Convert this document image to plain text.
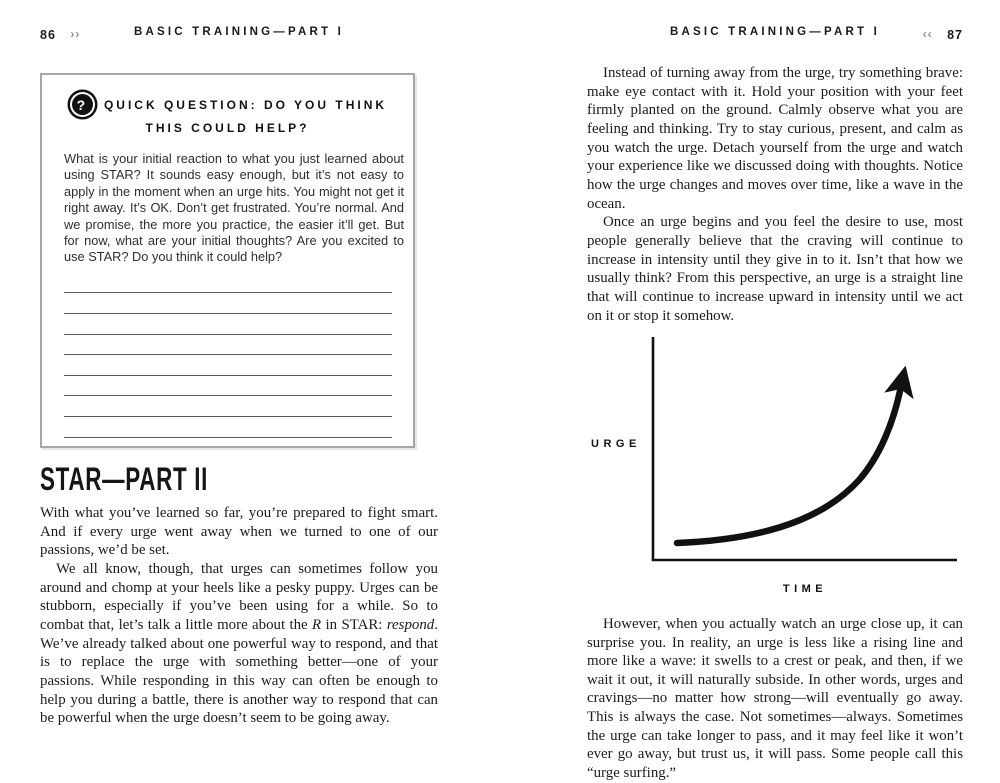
86 ››	BASIC TRAINING—PART I
?	QUICK QUESTION: DO YOU THINK
THIS COULD HELP?
What is your initial reaction to what you just learned about using STAR? It sounds easy enough, but it’s not easy to apply in the moment when an urge hits. You might not get it right away. It’s OK. Don’t get frustrated. You’re normal. And we promise, the more you practice, the easier it’ll get. But for now, what are your initial thoughts? Are you excited to use STAR? Do you think it could help?
STAR—PART II

With what you’ve learned so far, you’re prepared to fight smart. And if every urge went away when we turned to one of our passions, we’d be set.

We all know, though, that urges can sometimes follow you around and chomp at your heels like a pesky puppy. Urges can be stubborn, especially if you’ve been using for a while. So to combat that, let’s talk a little more about the R in STAR: respond. We’ve already talked about one powerful way to respond, and that is to replace the urge with something better—one of your passions. While responding in this way can often be enough to help you during a battle, there is another way to respond that can be powerful when the urge doesn’t seem to be going away.

BASIC TRAINING—PART I	‹‹ 87

Instead of turning away from the urge, try something brave: make eye contact with it. Hold your position with your feet firmly planted on the ground. Calmly observe what you are feeling and thinking. Try to stay curious, present, and calm as you watch the urge. Detach yourself from the urge and watch your experience like we discussed doing with thoughts. Notice how the urge changes and moves over time, like a wave in the ocean.

Once an urge begins and you feel the desire to use, most people generally believe that the craving will continue to increase in intensity until they give in to it. Isn’t that how we usually think? From this perspective, an urge is a straight line that will continue to increase upward in intensity until we act on it or stop it somehow.

URGE
TIME

However, when you actually watch an urge close up, it can surprise you. In reality, an urge is less like a rising line and more like a wave: it swells to a crest or peak, and then, if we wait it out, it will naturally subside. In other words, urges and cravings—no matter how strong—will eventually go away. This is always the case. Not sometimes—always. Sometimes the urge can take longer to pass, and it may feel like it won’t ever go away, but trust us, it will pass. Some people call this “urge surfing.”
